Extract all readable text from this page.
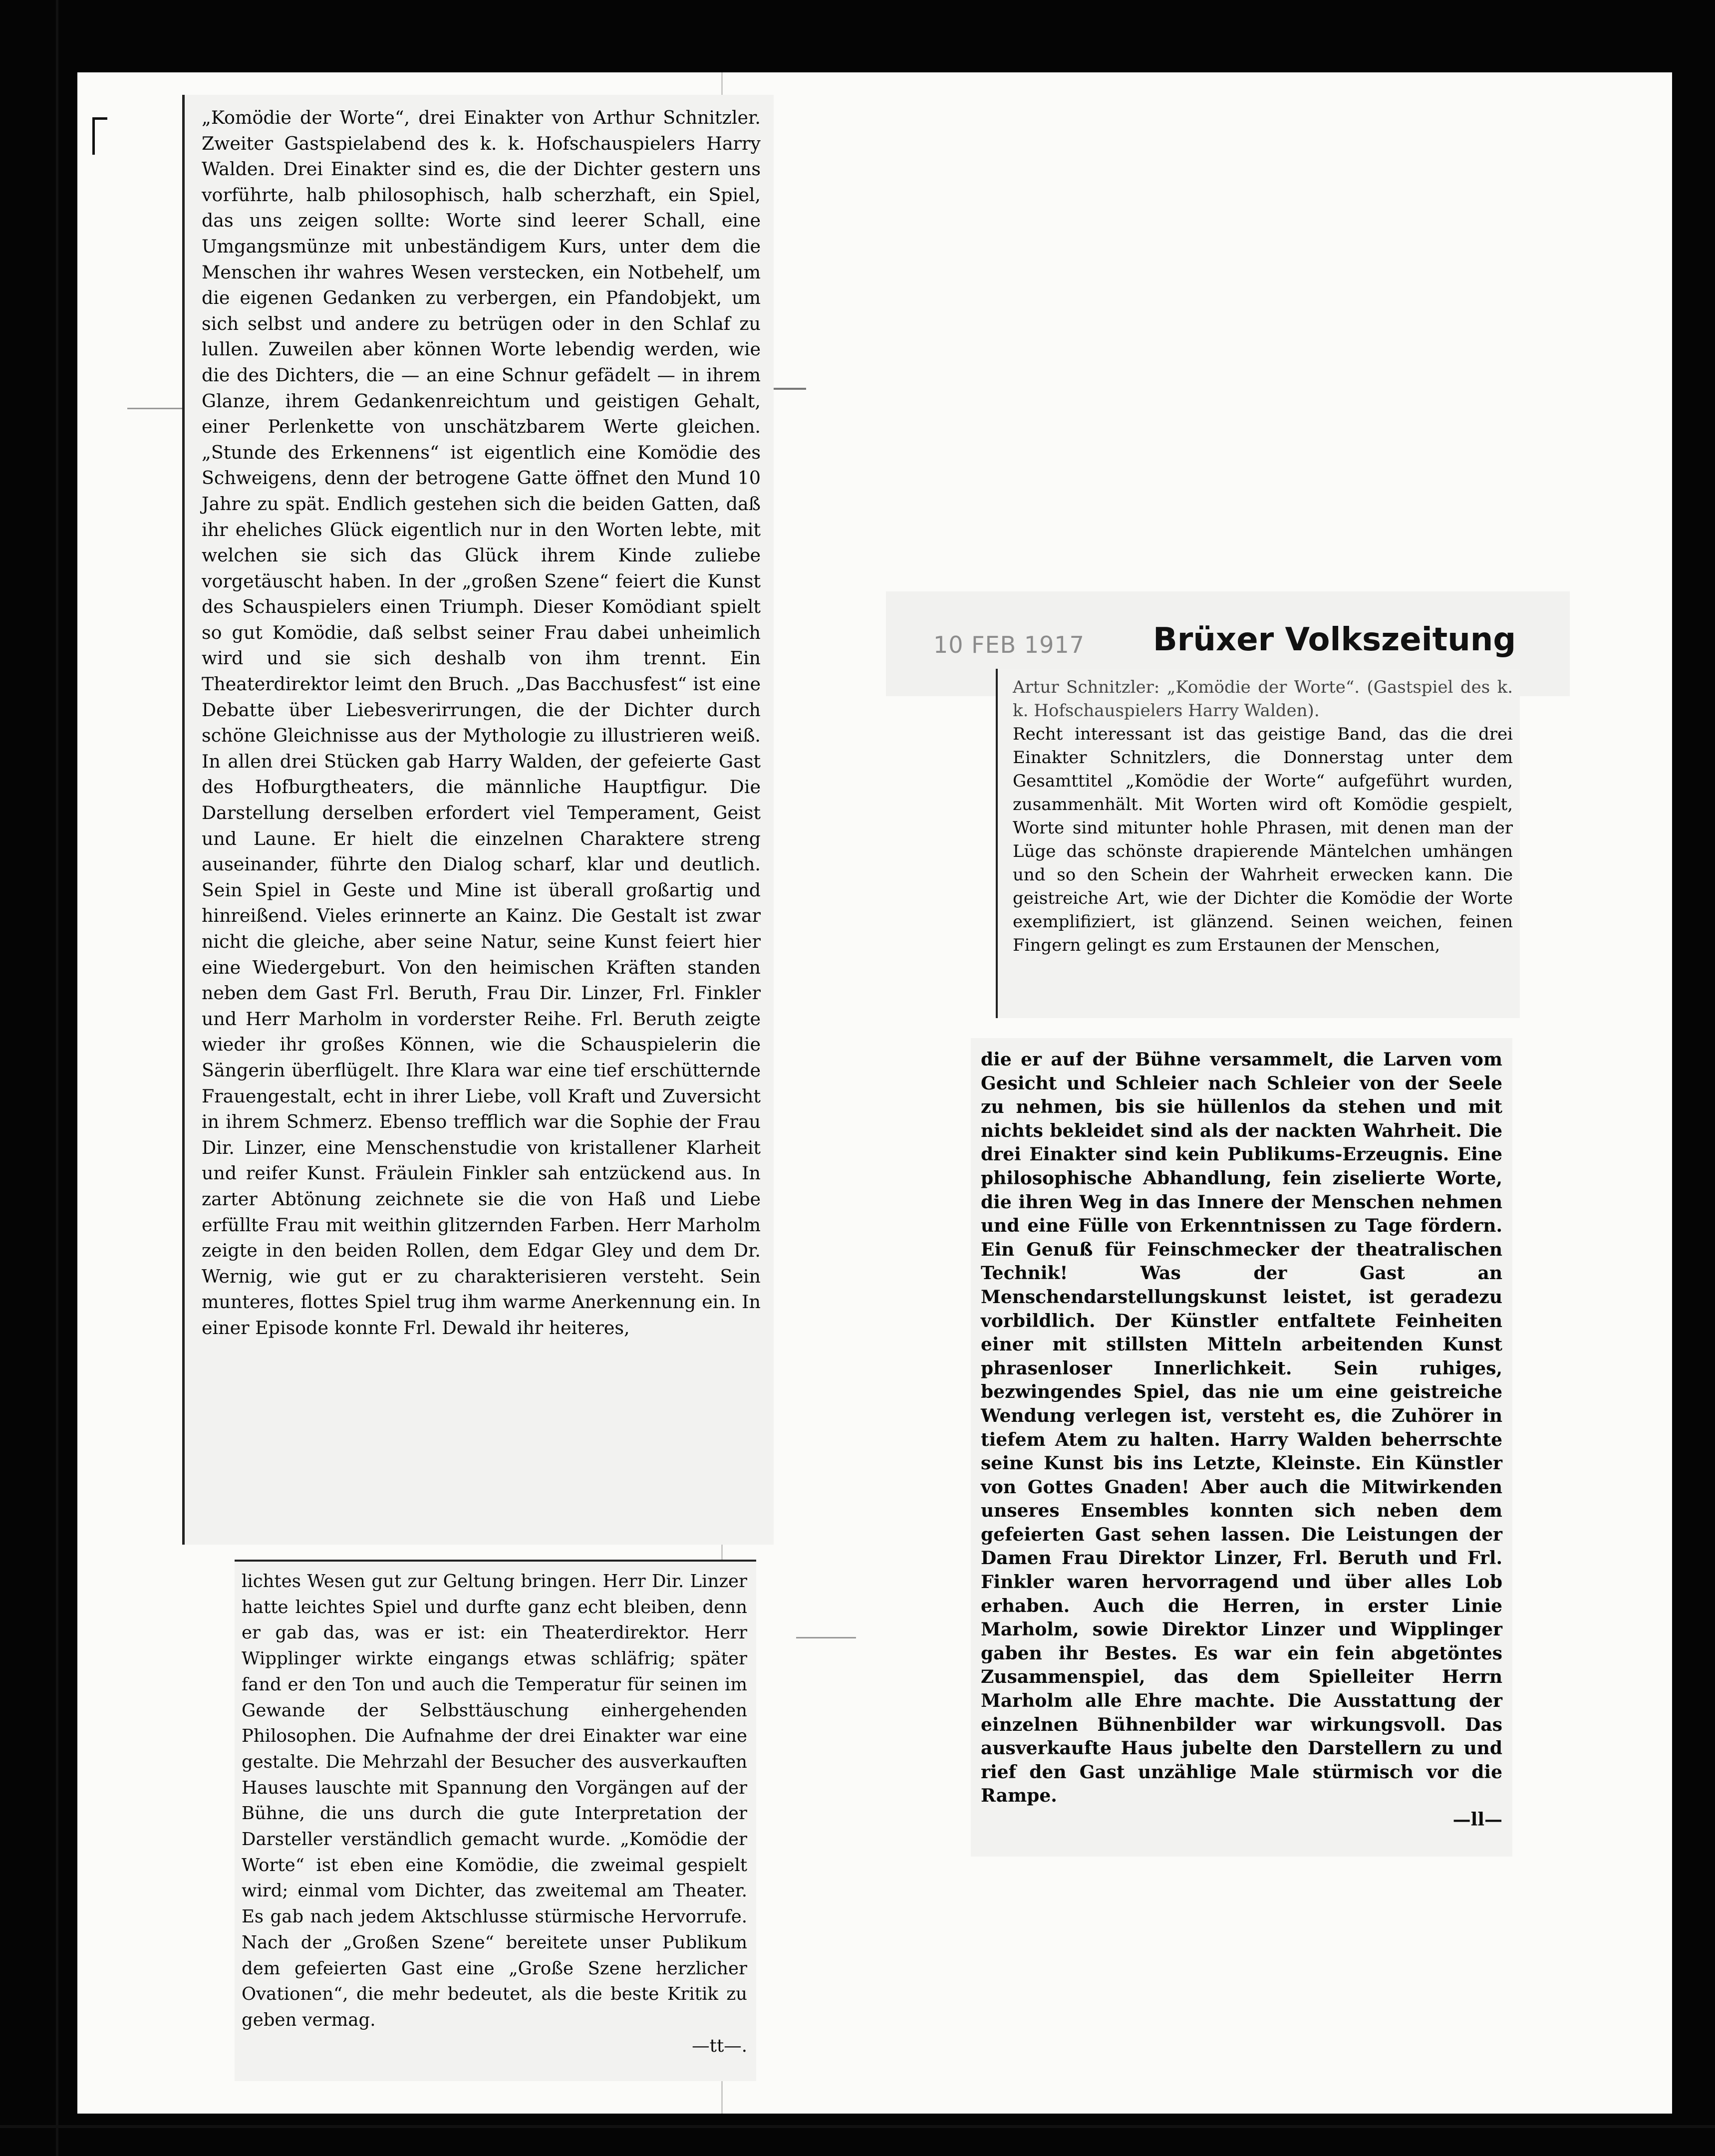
„Komödie der Worte“, drei Einakter von Arthur Schnitzler. Zweiter Gastspielabend des k. k. Hofschauspielers Harry Walden. Drei Einakter sind es, die der Dichter gestern uns vorführte, halb philosophisch, halb scherzhaft, ein Spiel, das uns zeigen sollte: Worte sind leerer Schall, eine Umgangsmünze mit unbeständigem Kurs, unter dem die Menschen ihr wahres Wesen verstecken, ein Notbehelf, um die eigenen Gedanken zu verbergen, ein Pfandobjekt, um sich selbst und andere zu betrügen oder in den Schlaf zu lullen. Zuweilen aber können Worte lebendig werden, wie die des Dichters, die — an eine Schnur gefädelt — in ihrem Glanze, ihrem Gedankenreichtum und geistigen Gehalt, einer Perlenkette von unschätzbarem Werte gleichen. „Stunde des Erkennens“ ist eigentlich eine Komödie des Schweigens, denn der betrogene Gatte öffnet den Mund 10 Jahre zu spät. Endlich gestehen sich die beiden Gatten, daß ihr eheliches Glück eigentlich nur in den Worten lebte, mit welchen sie sich das Glück ihrem Kinde zuliebe vorgetäuscht haben. In der „großen Szene“ feiert die Kunst des Schauspielers einen Triumph. Dieser Komödiant spielt so gut Komödie, daß selbst seiner Frau dabei unheimlich wird und sie sich deshalb von ihm trennt. Ein Theaterdirektor leimt den Bruch. „Das Bacchusfest“ ist eine Debatte über Liebesverirrungen, die der Dichter durch schöne Gleichnisse aus der Mythologie zu illustrieren weiß. In allen drei Stücken gab Harry Walden, der gefeierte Gast des Hofburgtheaters, die männliche Hauptfigur. Die Darstellung derselben erfordert viel Temperament, Geist und Laune. Er hielt die einzelnen Charaktere streng auseinander, führte den Dialog scharf, klar und deutlich. Sein Spiel in Geste und Mine ist überall großartig und hinreißend. Vieles erinnerte an Kainz. Die Gestalt ist zwar nicht die gleiche, aber seine Natur, seine Kunst feiert hier eine Wiedergeburt. Von den heimischen Kräften standen neben dem Gast Frl. Beruth, Frau Dir. Linzer, Frl. Finkler und Herr Marholm in vorderster Reihe. Frl. Beruth zeigte wieder ihr großes Können, wie die Schauspielerin die Sängerin überflügelt. Ihre Klara war eine tief erschütternde Frauengestalt, echt in ihrer Liebe, voll Kraft und Zuversicht in ihrem Schmerz. Ebenso trefflich war die Sophie der Frau Dir. Linzer, eine Menschenstudie von kristallener Klarheit und reifer Kunst. Fräulein Finkler sah entzückend aus. In zarter Abtönung zeichnete sie die von Haß und Liebe erfüllte Frau mit weithin glitzernden Farben. Herr Marholm zeigte in den beiden Rollen, dem Edgar Gley und dem Dr. Wernig, wie gut er zu charakterisieren versteht. Sein munteres, flottes Spiel trug ihm warme Anerkennung ein. In einer Episode konnte Frl. Dewald ihr heiteres,

lichtes Wesen gut zur Geltung bringen. Herr Dir. Linzer hatte leichtes Spiel und durfte ganz echt bleiben, denn er gab das, was er ist: ein Theaterdirektor. Herr Wipplinger wirkte eingangs etwas schläfrig; später fand er den Ton und auch die Temperatur für seinen im Gewande der Selbsttäuschung einhergehenden Philosophen. Die Aufnahme der drei Einakter war eine gestalte. Die Mehrzahl der Besucher des ausverkauften Hauses lauschte mit Spannung den Vorgängen auf der Bühne, die uns durch die gute Interpretation der Darsteller verständlich gemacht wurde. „Komödie der Worte“ ist eben eine Komödie, die zweimal gespielt wird; einmal vom Dichter, das zweitemal am Theater. Es gab nach jedem Aktschlusse stürmische Hervorrufe. Nach der „Großen Szene“ bereitete unser Publikum dem gefeierten Gast eine „Große Szene herzlicher Ovationen“, die mehr bedeutet, als die beste Kritik zu geben vermag.

—tt—.
10 FEB 1917 Brüxer Volkszeitung

Artur Schnitzler: „Komödie der Worte“. (Gastspiel des k. k. Hofschauspielers Harry Walden).

Recht interessant ist das geistige Band, das die drei Einakter Schnitzlers, die Donnerstag unter dem Gesamttitel „Komödie der Worte“ aufgeführt wurden, zusammenhält. Mit Worten wird oft Komödie gespielt, Worte sind mitunter hohle Phrasen, mit denen man der Lüge das schönste drapierende Mäntelchen umhängen und so den Schein der Wahrheit erwecken kann. Die geistreiche Art, wie der Dichter die Komödie der Worte exemplifiziert, ist glänzend. Seinen weichen, feinen Fingern gelingt es zum Erstaunen der Menschen,

die er auf der Bühne versammelt, die Larven vom Gesicht und Schleier nach Schleier von der Seele zu nehmen, bis sie hüllenlos da stehen und mit nichts bekleidet sind als der nackten Wahrheit. Die drei Einakter sind kein Publikums-Erzeugnis. Eine philosophische Abhandlung, fein ziselierte Worte, die ihren Weg in das Innere der Menschen nehmen und eine Fülle von Erkenntnissen zu Tage fördern. Ein Genuß für Feinschmecker der theatralischen Technik! Was der Gast an Menschendarstellungskunst leistet, ist geradezu vorbildlich. Der Künstler entfaltete Feinheiten einer mit stillsten Mitteln arbeitenden Kunst phrasenloser Innerlichkeit. Sein ruhiges, bezwingendes Spiel, das nie um eine geistreiche Wendung verlegen ist, versteht es, die Zuhörer in tiefem Atem zu halten. Harry Walden beherrschte seine Kunst bis ins Letzte, Kleinste. Ein Künstler von Gottes Gnaden! Aber auch die Mitwirkenden unseres Ensembles konnten sich neben dem gefeierten Gast sehen lassen. Die Leistungen der Damen Frau Direktor Linzer, Frl. Beruth und Frl. Finkler waren hervorragend und über alles Lob erhaben. Auch die Herren, in erster Linie Marholm, sowie Direktor Linzer und Wipplinger gaben ihr Bestes. Es war ein fein abgetöntes Zusammenspiel, das dem Spielleiter Herrn Marholm alle Ehre machte. Die Ausstattung der einzelnen Bühnenbilder war wirkungsvoll. Das ausverkaufte Haus jubelte den Darstellern zu und rief den Gast unzählige Male stürmisch vor die Rampe.

—ll—
